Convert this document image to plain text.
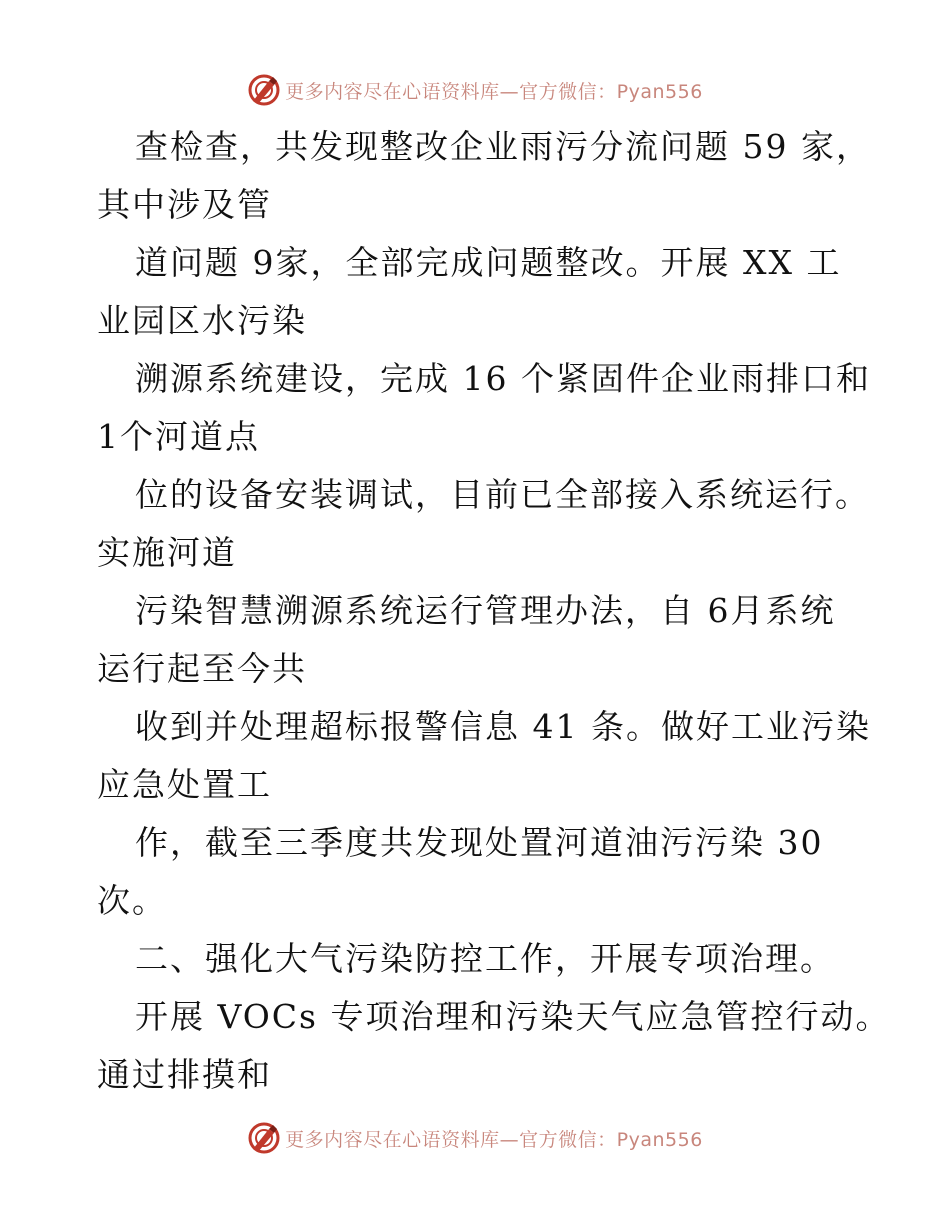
更多内容尽在心语资料库—官方微信：Pyan556
查检查，共发现整改企业雨污分流问题 59 家，
其中涉及管
道问题 9家，全部完成问题整改。开展 XX 工
业园区水污染
溯源系统建设，完成 16 个紧固件企业雨排口和
1个河道点
位的设备安装调试，目前已全部接入系统运行。
实施河道
污染智慧溯源系统运行管理办法，自 6月系统
运行起至今共
收到并处理超标报警信息 41 条。做好工业污染
应急处置工
作，截至三季度共发现处置河道油污污染 30
次。
二、强化大气污染防控工作，开展专项治理。
开展 VOCs 专项治理和污染天气应急管控行动。
通过排摸和
更多内容尽在心语资料库—官方微信：Pyan556
